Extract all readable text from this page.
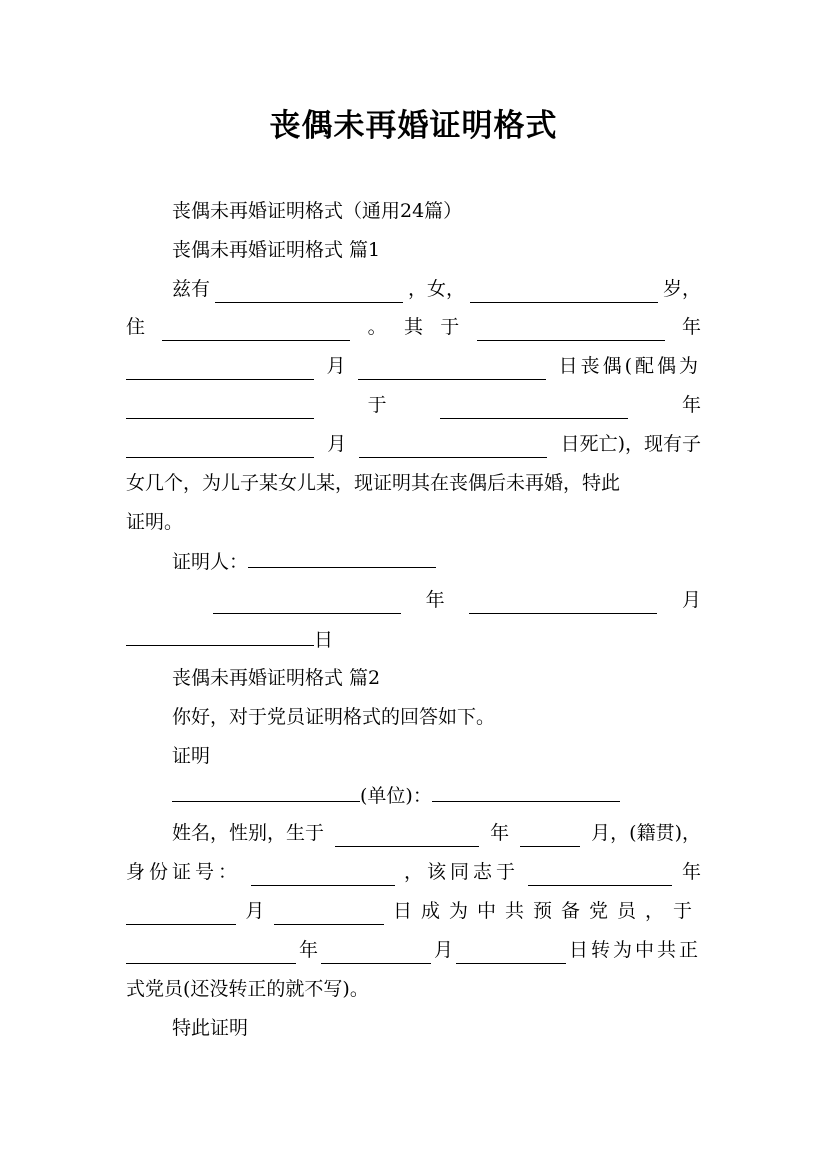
丧偶未再婚证明格式
丧偶未再婚证明格式（通用24篇）
丧偶未再婚证明格式 篇1
兹有	，女，	岁，
住	。 其 于	年
月	日丧偶(配偶为
于	年
月	日死亡)，现有子
女几个，为儿子某女儿某，现证明其在丧偶后未再婚，特此
证明。
证明人：
年	月
日
丧偶未再婚证明格式 篇2
你好，对于党员证明格式的回答如下。
证明
(单位)：
姓名，性别，生于	年	月，(籍贯)，
身份证号：	，该同志于	年
月	日成为中共预备党员，于
年	月	日转为中共正
式党员(还没转正的就不写)。
特此证明
